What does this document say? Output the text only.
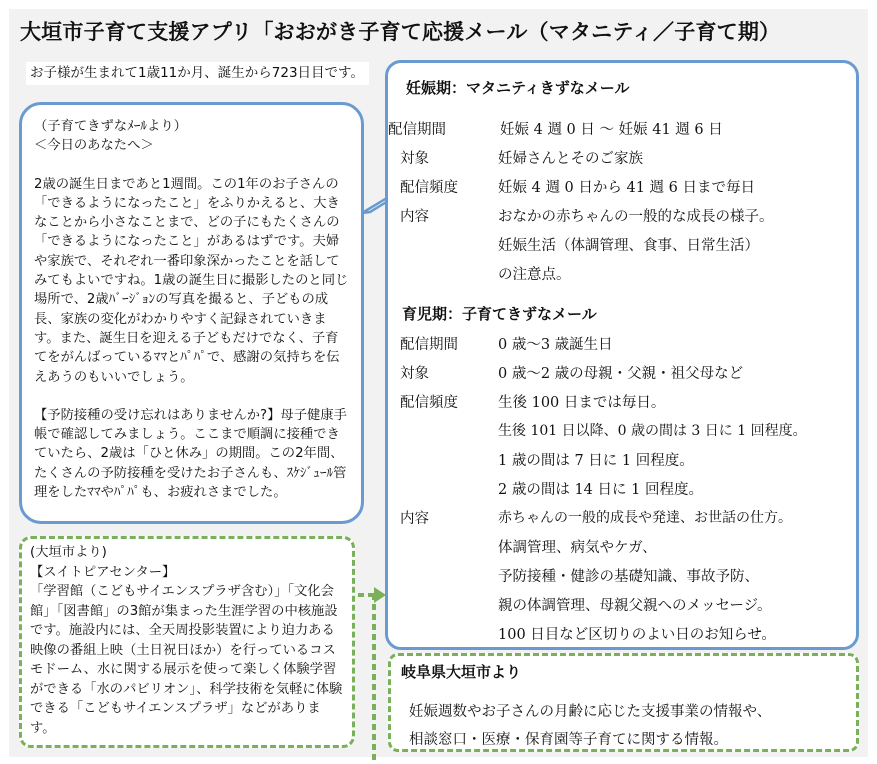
大垣市子育て支援アプリ「おおがき子育て応援メール（マタニティ／子育て期）
お子様が生まれて1歳11か月、誕生から723日目です。

（子育てきずなﾒｰﾙより）

＜今日のあなたへ＞

2歳の誕生日まであと1週間。この1年のお子さんの「できるようになったこと」をふりかえると、大きなことから小さなことまで、どの子にもたくさんの「できるようになったこと」があるはずです。夫婦や家族で、それぞれ一番印象深かったことを話してみてもよいですね。1歳の誕生日に撮影したのと同じ場所で、2歳ﾊﾞｰｼﾞｮﾝの写真を撮ると、子どもの成長、家族の変化がわかりやすく記録されていきます。また、誕生日を迎える子どもだけでなく、子育てをがんばっているﾏﾏとﾊﾟﾊﾟで、感謝の気持ちを伝えあうのもいいでしょう。

【予防接種の受け忘れはありませんか?】母子健康手帳で確認してみましょう。ここまで順調に接種できていたら、2歳は「ひと休み」の期間。この2年間、たくさんの予防接種を受けたお子さんも、ｽｹｼﾞｭｰﾙ管理をしたﾏﾏやﾊﾟﾊﾟも、お疲れさまでした。

(大垣市より)

【スイトピアセンター】

「学習館（こどもサイエンスプラザ含む）」「文化会館」「図書館」の3館が集まった生涯学習の中核施設です。施設内には、全天周投影装置により迫力ある映像の番組上映（土日祝日ほか）を行っているコスモドーム、水に関する展示を使って楽しく体験学習ができる「水のパビリオン」、科学技術を気軽に体験できる「こどもサイエンスプラザ」などがあります。

妊娠期：マタニティきずなメール
配信期間	妊娠 4 週 0 日 〜 妊娠 41 週 6 日
対象	妊婦さんとそのご家族
配信頻度	妊娠 4 週 0 日から 41 週 6 日まで毎日
内容	おなかの赤ちゃんの一般的な成長の様子。
妊娠生活（体調管理、食事、日常生活）
の注意点。
育児期：子育てきずなメール
配信期間	0 歳〜3 歳誕生日
対象	0 歳〜2 歳の母親・父親・祖父母など
配信頻度	生後 100 日までは毎日。
生後 101 日以降、0 歳の間は 3 日に 1 回程度。
1 歳の間は 7 日に 1 回程度。
2 歳の間は 14 日に 1 回程度。
内容	赤ちゃんの一般的成長や発達、お世話の仕方。
体調管理、病気やケガ、
予防接種・健診の基礎知識、事故予防、
親の体調管理、母親父親へのメッセージ。
100 日目など区切りのよい日のお知らせ。
岐阜県大垣市より
妊娠週数やお子さんの月齢に応じた支援事業の情報や、
相談窓口・医療・保育園等子育てに関する情報。
